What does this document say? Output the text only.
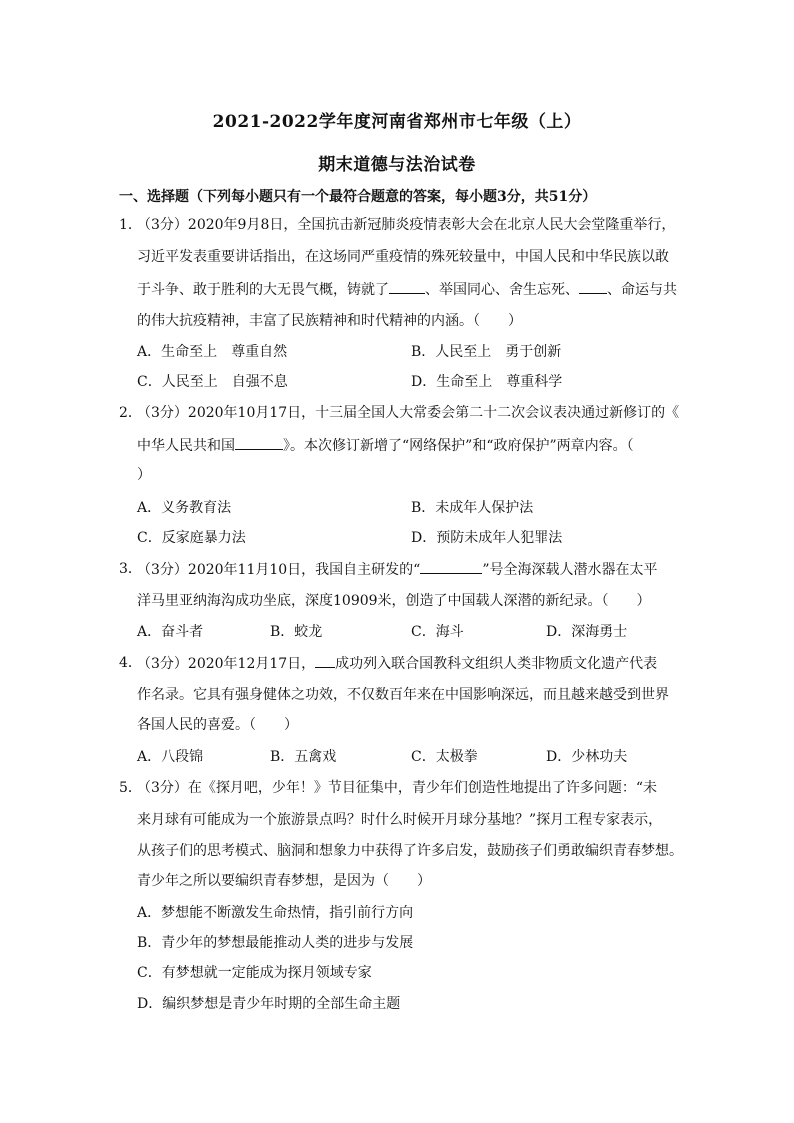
2021-2022学年度河南省郑州市七年级（上）
期末道德与法治试卷
一、选择题（下列每小题只有一个最符合题意的答案，每小题3分，共51分）
1．
（3分）2020年9月8日，全国抗击新冠肺炎疫情表彰大会在北京人民大会堂隆重举行，
习近平发表重要讲话指出，在这场同严重疫情的殊死较量中，中国人民和中华民族以敢
于斗争、敢于胜利的大无畏气概，铸就了	、举国同心、舍生忘死、 、命运与共
的伟大抗疫精神，丰富了民族精神和时代精神的内涵。（　　）
A．生命至上　尊重自然	B．人民至上　勇于创新
C．人民至上　自强不息	D．生命至上　尊重科学
2．
（3分）2020年10月17日，十三届全国人大常委会第二十二次会议表决通过新修订的《
中华人民共和国	》。本次修订新增了“网络保护”和“政府保护”两章内容。（
）
A．义务教育法	B．未成年人保护法
C．反家庭暴力法	D．预防未成年人犯罪法
3．
（3分）2020年11月10日，我国自主研发的“	”号全海深载人潜水器在太平
洋马里亚纳海沟成功坐底，深度10909米，创造了中国载人深潜的新纪录。（　　）
A．奋斗者	B．蛟龙	C．海斗	D．深海勇士
4．
（3分）2020年12月17日， 成功列入联合国教科文组织人类非物质文化遗产代表
作名录。它具有强身健体之功效，不仅数百年来在中国影响深远，而且越来越受到世界
各国人民的喜爱。（　　）
A．八段锦	B．五禽戏	C．太极拳	D．少林功夫
5．
（3分）在《探月吧，少年！》节目征集中，青少年们创造性地提出了许多问题：“未
来月球有可能成为一个旅游景点吗？时什么时候开月球分基地？”探月工程专家表示，
从孩子们的思考模式、脑洞和想象力中获得了许多启发，鼓励孩子们勇敢编织青春梦想。
青少年之所以要编织青春梦想，是因为（　　）
A．梦想能不断激发生命热情，指引前行方向
B．青少年的梦想最能推动人类的进步与发展
C．有梦想就一定能成为探月领域专家
D．编织梦想是青少年时期的全部生命主题
